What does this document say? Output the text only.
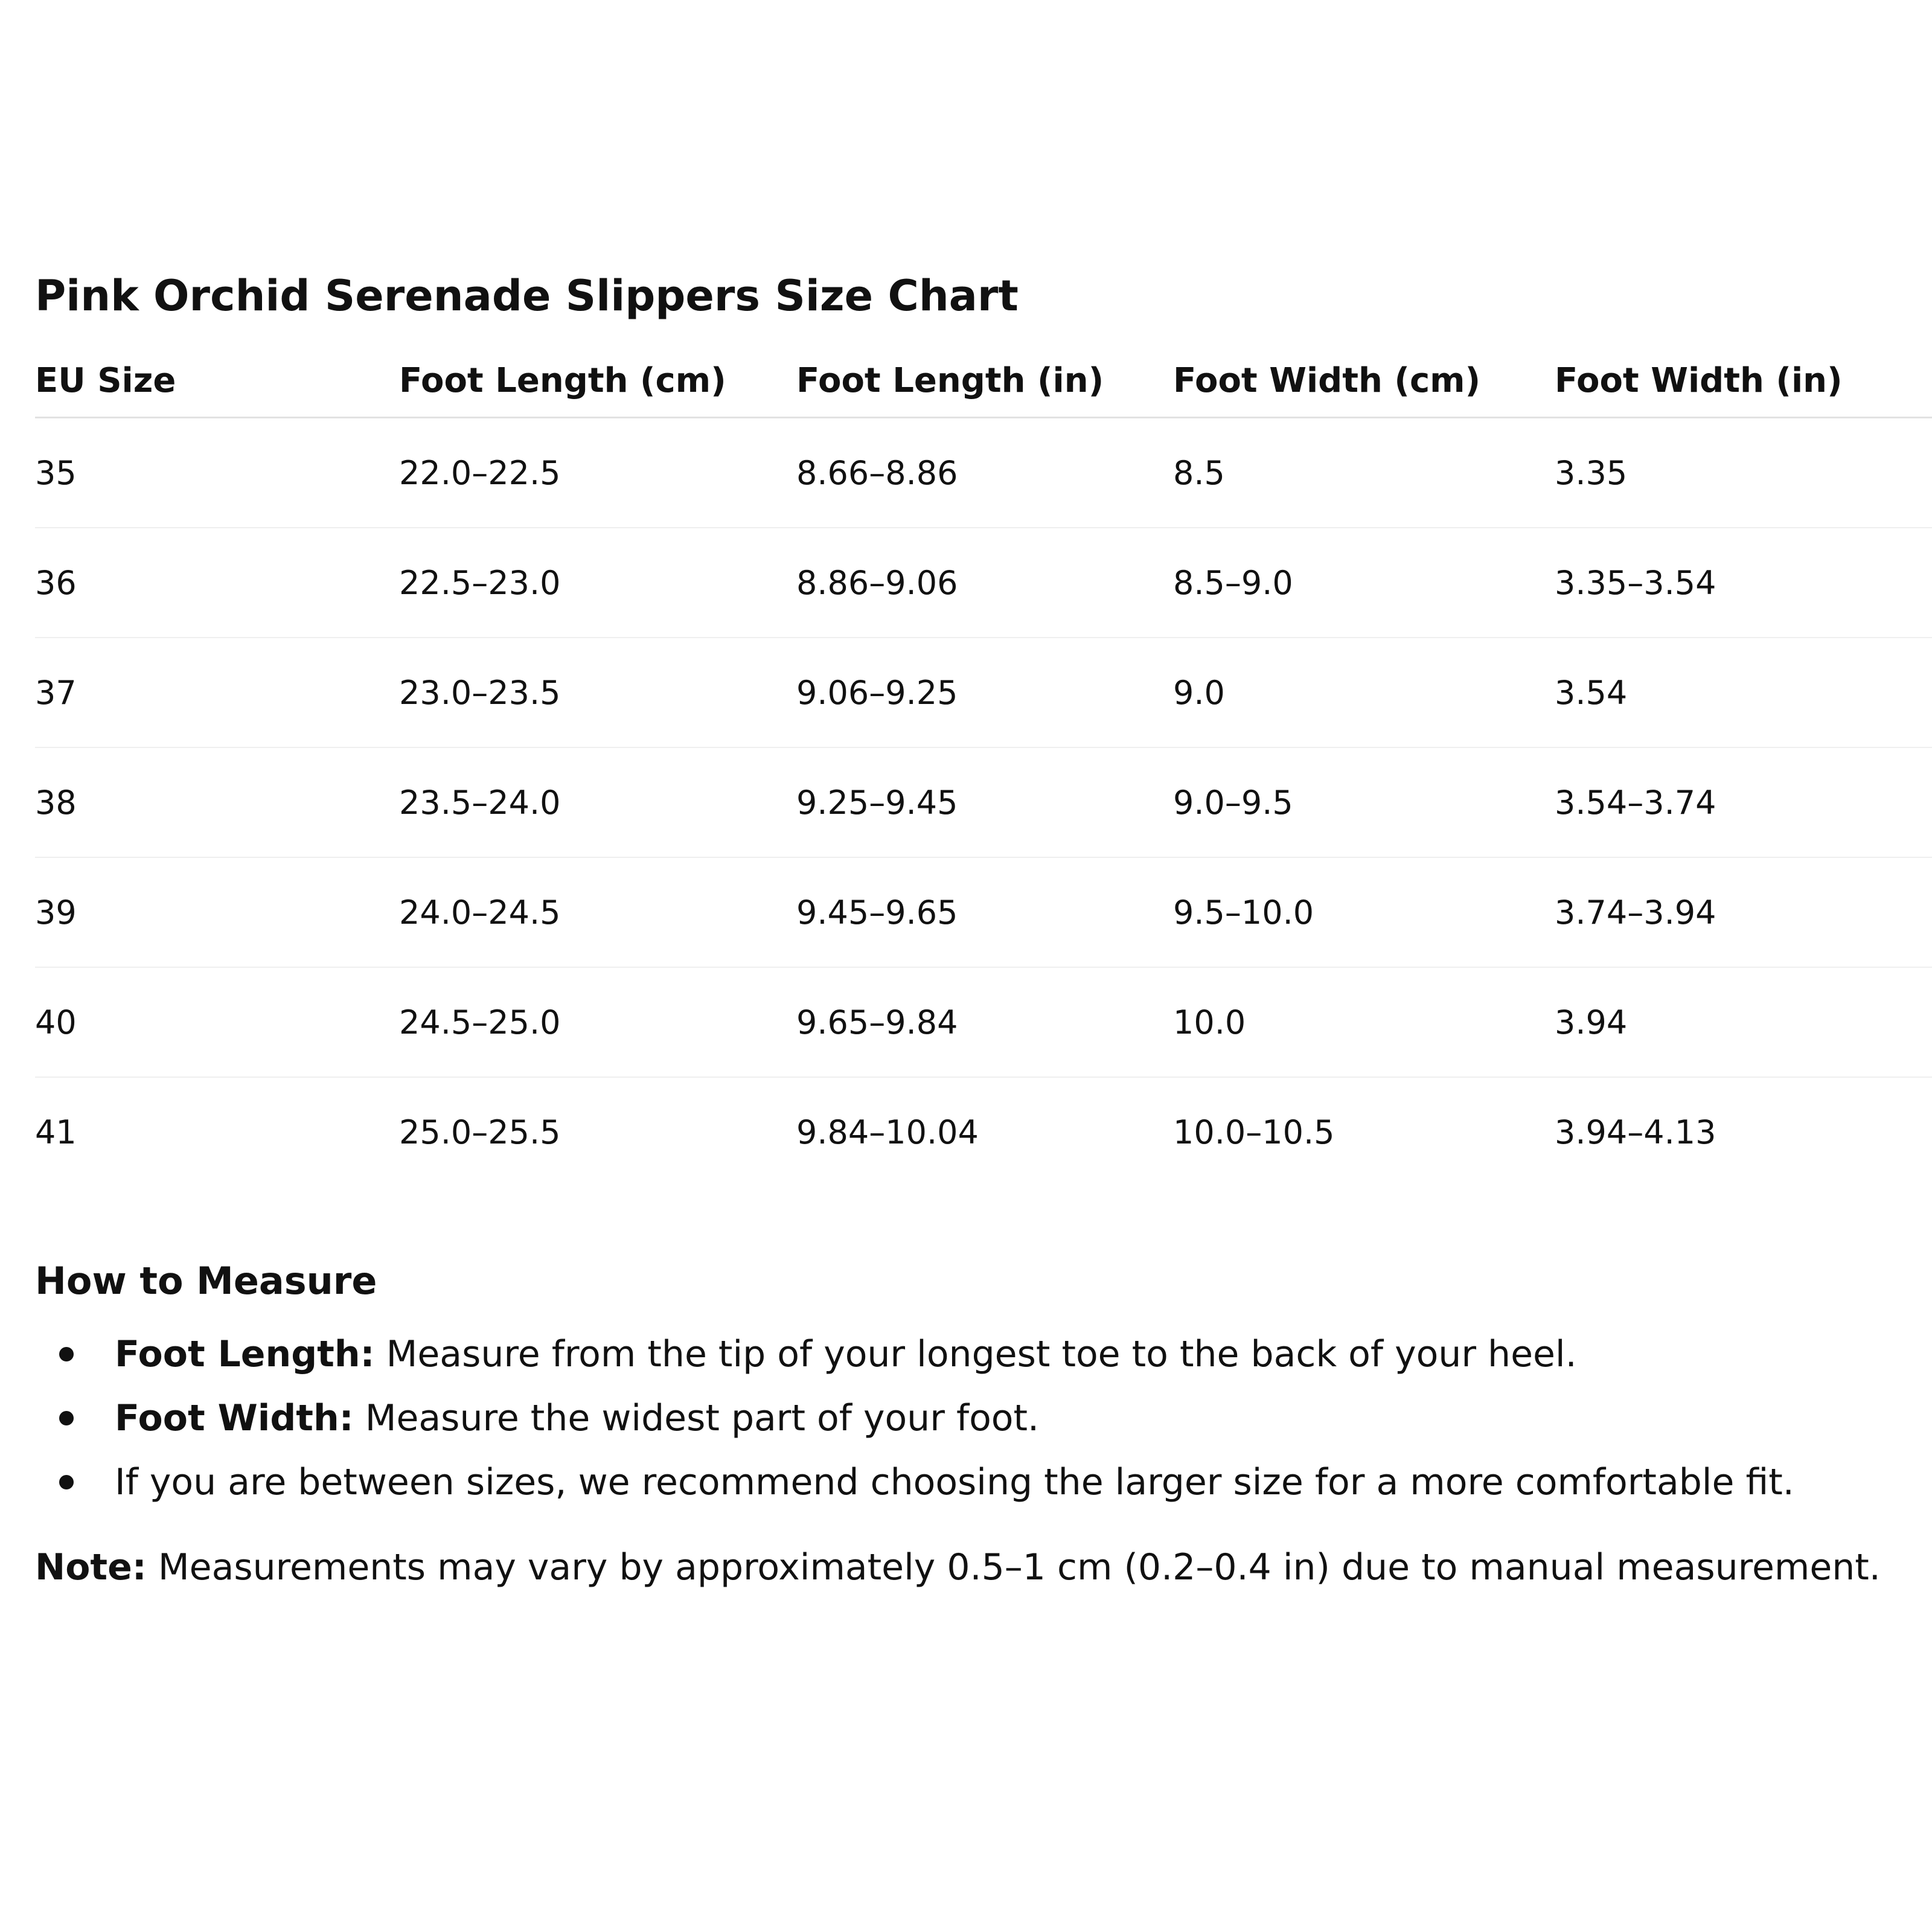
Pink Orchid Serenade Slippers Size Chart
EU Size	Foot Length (cm)	Foot Length (in)	Foot Width (cm)	Foot Width (in)
35	22.0–22.5	8.66–8.86	8.5	3.35
36	22.5–23.0	8.86–9.06	8.5–9.0	3.35–3.54
37	23.0–23.5	9.06–9.25	9.0	3.54
38	23.5–24.0	9.25–9.45	9.0–9.5	3.54–3.74
39	24.0–24.5	9.45–9.65	9.5–10.0	3.74–3.94
40	24.5–25.0	9.65–9.84	10.0	3.94
41	25.0–25.5	9.84–10.04	10.0–10.5	3.94–4.13
How to Measure
Foot Length: Measure from the tip of your longest toe to the back of your heel.
Foot Width: Measure the widest part of your foot.
If you are between sizes, we recommend choosing the larger size for a more comfortable fit.
Note: Measurements may vary by approximately 0.5–1 cm (0.2–0.4 in) due to manual measurement.
